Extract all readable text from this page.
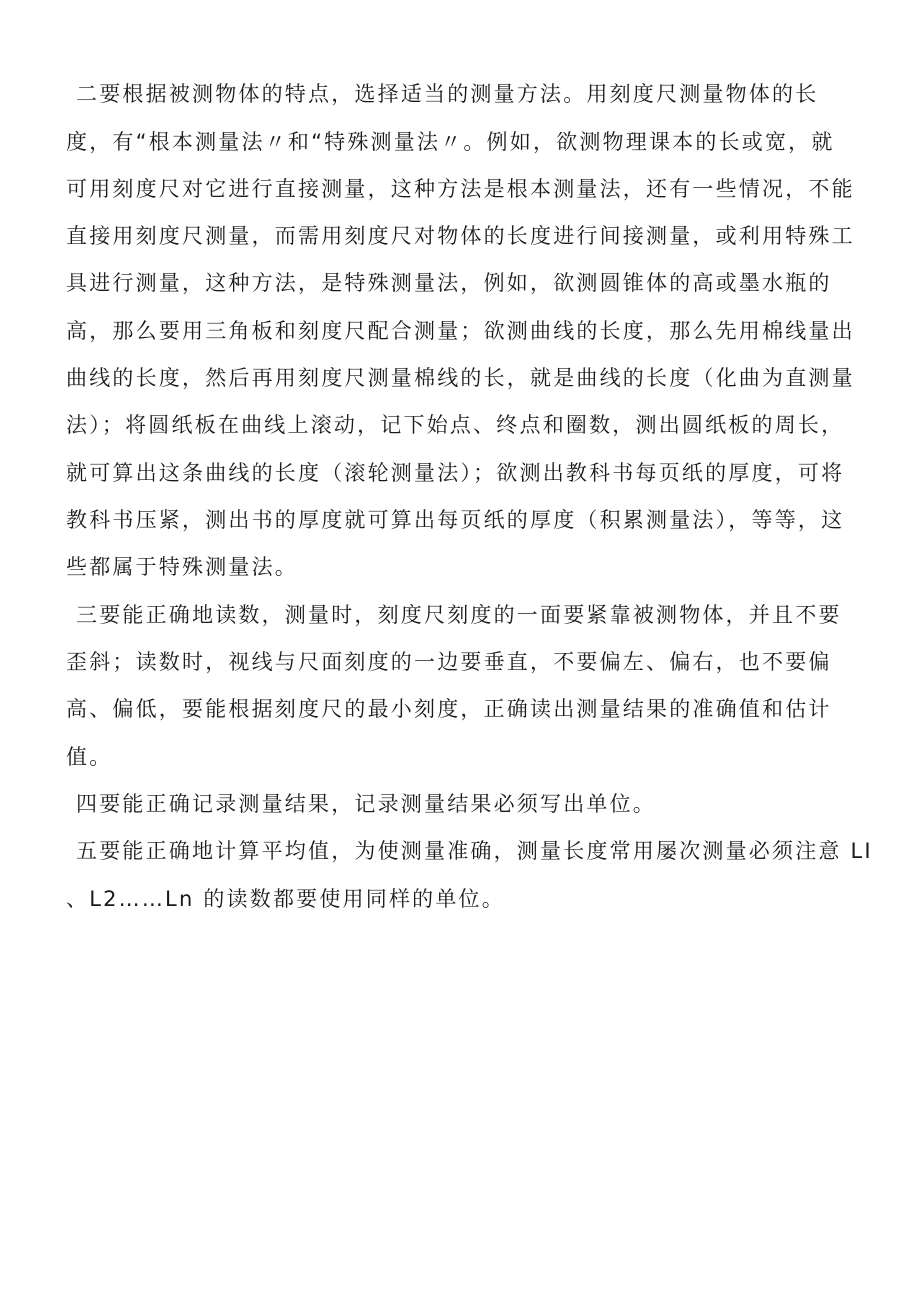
二要根据被测物体的特点，选择适当的测量方法。用刻度尺测量物体的长
度，有“根本测量法〃和“特殊测量法〃。例如，欲测物理课本的长或宽，就
可用刻度尺对它进行直接测量，这种方法是根本测量法，还有一些情况，不能
直接用刻度尺测量，而需用刻度尺对物体的长度进行间接测量，或利用特殊工
具进行测量，这种方法，是特殊测量法，例如，欲测圆锥体的高或墨水瓶的
高，那么要用三角板和刻度尺配合测量；欲测曲线的长度，那么先用棉线量出
曲线的长度，然后再用刻度尺测量棉线的长，就是曲线的长度（化曲为直测量
法）；将圆纸板在曲线上滚动，记下始点、终点和圈数，测出圆纸板的周长，
就可算出这条曲线的长度（滚轮测量法）；欲测出教科书每页纸的厚度，可将
教科书压紧，测出书的厚度就可算出每页纸的厚度（积累测量法），等等，这
些都属于特殊测量法。
三要能正确地读数，测量时，刻度尺刻度的一面要紧靠被测物体，并且不要
歪斜；读数时，视线与尺面刻度的一边要垂直，不要偏左、偏右，也不要偏
高、偏低，要能根据刻度尺的最小刻度，正确读出测量结果的准确值和估计
值。
四要能正确记录测量结果，记录测量结果必须写出单位。
五要能正确地计算平均值，为使测量准确，测量长度常用屡次测量必须注意 LI
、L2……Ln 的读数都要使用同样的单位。
